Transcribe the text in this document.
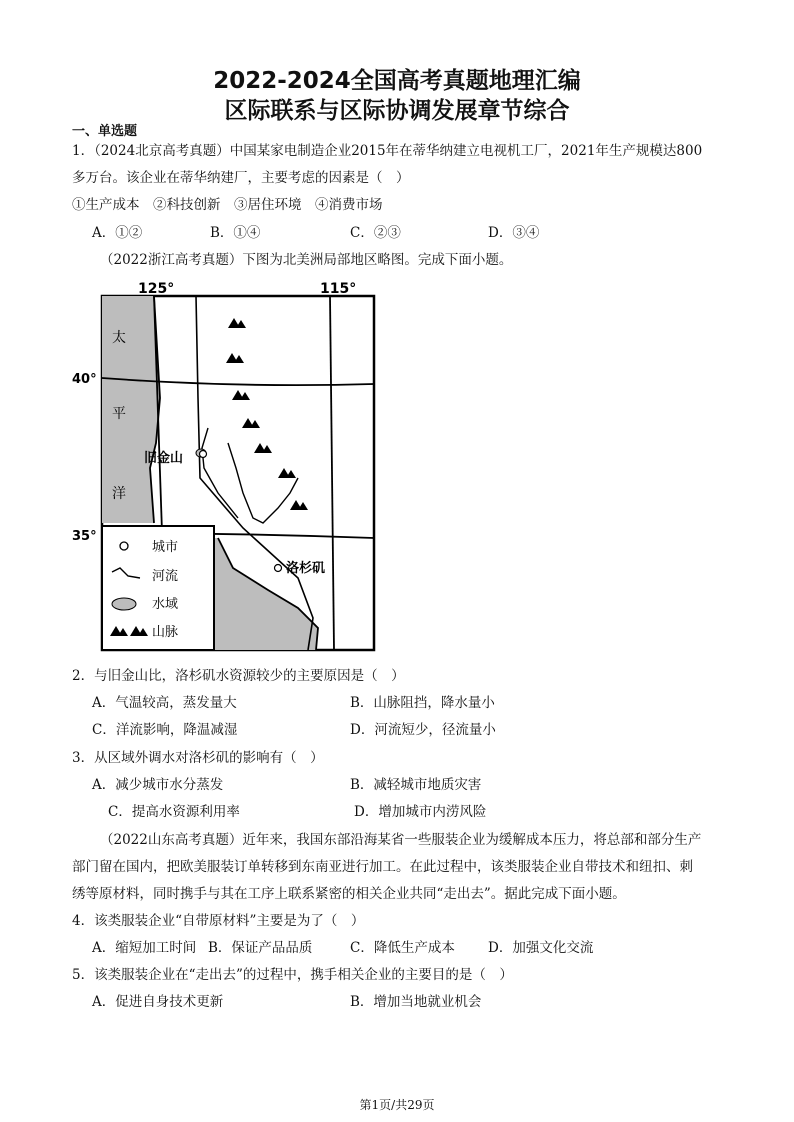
2022-2024全国高考真题地理汇编
区际联系与区际协调发展章节综合
一、单选题
1．（2024北京高考真题）中国某家电制造企业2015年在蒂华纳建立电视机工厂，2021年生产规模达800
多万台。该企业在蒂华纳建厂，主要考虑的因素是（　）
①生产成本　②科技创新　③居住环境　④消费市场
A．①②	B．①④	C．②③	D．③④
（2022浙江高考真题）下图为北美洲局部地区略图。完成下面小题。
125°	115°
40°
35°
太
平
洋
旧金山
洛杉矶
城市
河流
水域
山脉
2．与旧金山比，洛杉矶水资源较少的主要原因是（　）
A．气温较高，蒸发量大	B．山脉阻挡，降水量小
C．洋流影响，降温减湿	D．河流短少，径流量小
3．从区域外调水对洛杉矶的影响有（　）
A．减少城市水分蒸发	B．减轻城市地质灾害
C．提高水资源利用率	D．增加城市内涝风险
（2022山东高考真题）近年来，我国东部沿海某省一些服装企业为缓解成本压力，将总部和部分生产
部门留在国内，把欧美服装订单转移到东南亚进行加工。在此过程中，该类服装企业自带技术和纽扣、刺
绣等原材料，同时携手与其在工序上联系紧密的相关企业共同“走出去”。据此完成下面小题。
4．该类服装企业“自带原材料”主要是为了（　）
A．缩短加工时间 B．保证产品品质	C．降低生产成本 D．加强文化交流
5．该类服装企业在“走出去”的过程中，携手相关企业的主要目的是（　）
A．促进自身技术更新	B．增加当地就业机会
第1页/共29页
